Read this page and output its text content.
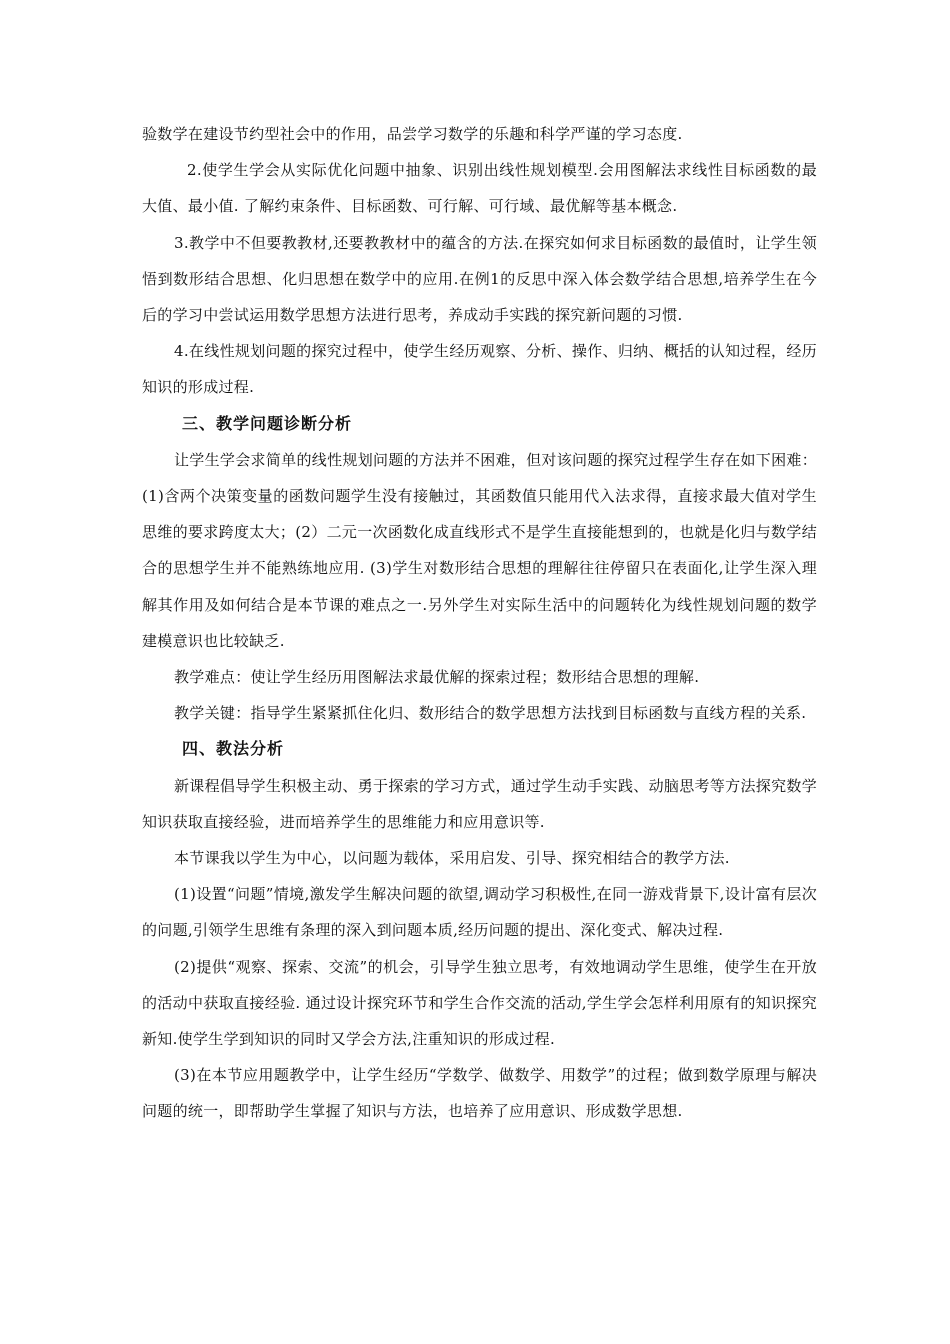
验数学在建设节约型社会中的作用，品尝学习数学的乐趣和科学严谨的学习态度.

2.使学生学会从实际优化问题中抽象、识别出线性规划模型.会用图解法求线性目标函数的最大值、最小值. 了解约束条件、目标函数、可行解、可行域、最优解等基本概念.

3.教学中不但要教教材,还要教教材中的蕴含的方法.在探究如何求目标函数的最值时，让学生领悟到数形结合思想、化归思想在数学中的应用.在例1的反思中深入体会数学结合思想,培养学生在今后的学习中尝试运用数学思想方法进行思考，养成动手实践的探究新问题的习惯.

4.在线性规划问题的探究过程中，使学生经历观察、分析、操作、归纳、概括的认知过程，经历知识的形成过程.

三、教学问题诊断分析

让学生学会求简单的线性规划问题的方法并不困难，但对该问题的探究过程学生存在如下困难：(1)含两个决策变量的函数问题学生没有接触过，其函数值只能用代入法求得，直接求最大值对学生思维的要求跨度太大；(2）二元一次函数化成直线形式不是学生直接能想到的，也就是化归与数学结合的思想学生并不能熟练地应用. (3)学生对数形结合思想的理解往往停留只在表面化,让学生深入理解其作用及如何结合是本节课的难点之一.另外学生对实际生活中的问题转化为线性规划问题的数学建模意识也比较缺乏.

教学难点：使让学生经历用图解法求最优解的探索过程；数形结合思想的理解.

教学关键：指导学生紧紧抓住化归、数形结合的数学思想方法找到目标函数与直线方程的关系.

四、教法分析

新课程倡导学生积极主动、勇于探索的学习方式，通过学生动手实践、动脑思考等方法探究数学知识获取直接经验，进而培养学生的思维能力和应用意识等.

本节课我以学生为中心，以问题为载体，采用启发、引导、探究相结合的教学方法.

(1)设置“问题”情境,激发学生解决问题的欲望,调动学习积极性,在同一游戏背景下,设计富有层次的问题,引领学生思维有条理的深入到问题本质,经历问题的提出、深化变式、解决过程.

(2)提供“观察、探索、交流”的机会，引导学生独立思考，有效地调动学生思维，使学生在开放的活动中获取直接经验. 通过设计探究环节和学生合作交流的活动,学生学会怎样利用原有的知识探究新知.使学生学到知识的同时又学会方法,注重知识的形成过程.

(3)在本节应用题教学中，让学生经历“学数学、做数学、用数学”的过程；做到数学原理与解决问题的统一，即帮助学生掌握了知识与方法，也培养了应用意识、形成数学思想.
